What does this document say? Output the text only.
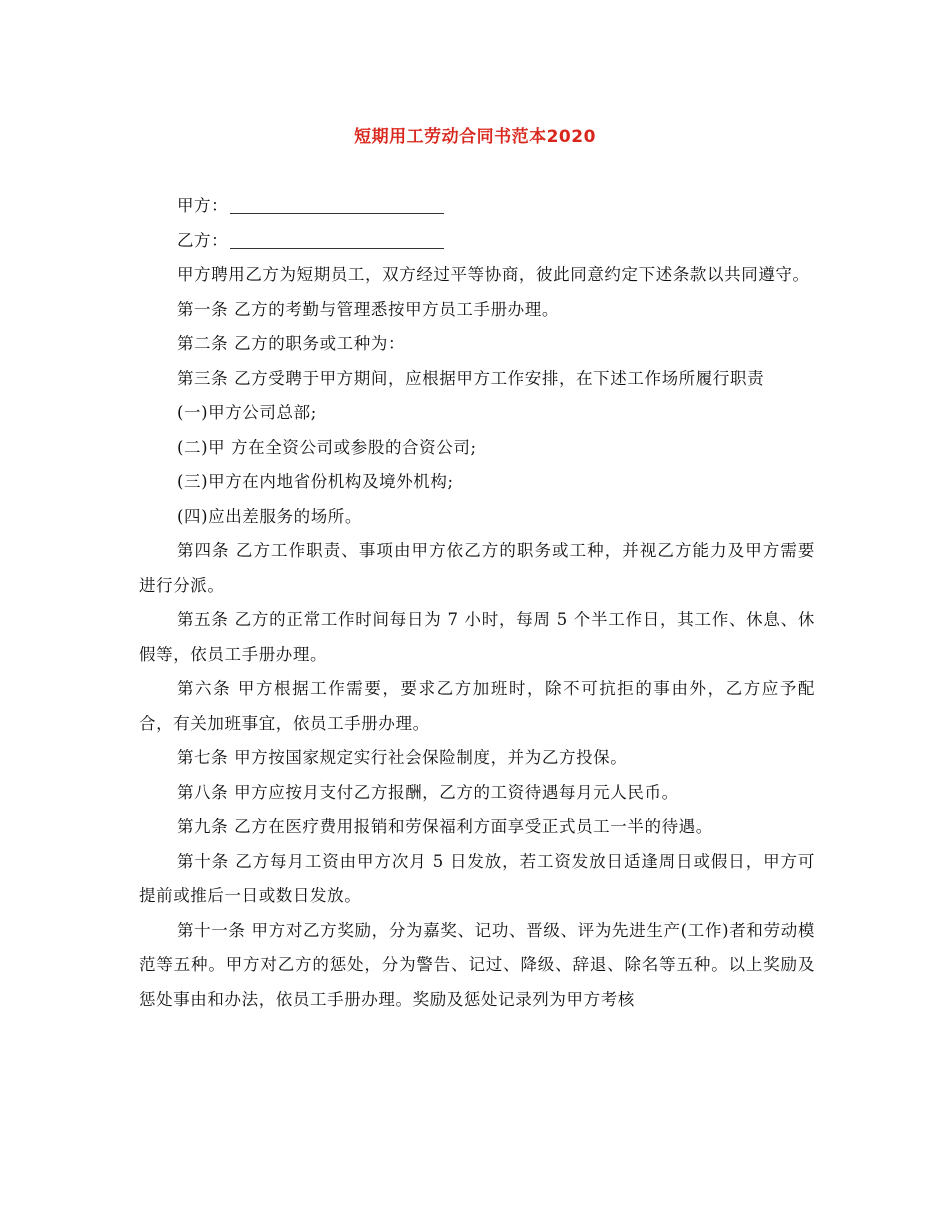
短期用工劳动合同书范本2020

甲方：

乙方：

甲方聘用乙方为短期员工，双方经过平等协商，彼此同意约定下述条款以共同遵守。

第一条 乙方的考勤与管理悉按甲方员工手册办理。

第二条 乙方的职务或工种为：

第三条 乙方受聘于甲方期间，应根据甲方工作安排，在下述工作场所履行职责

(一)甲方公司总部;

(二)甲 方在全资公司或参股的合资公司;

(三)甲方在内地省份机构及境外机构;

(四)应出差服务的场所。

第四条 乙方工作职责、事项由甲方依乙方的职务或工种，并视乙方能力及甲方需要进行分派。

第五条 乙方的正常工作时间每日为 7 小时，每周 5 个半工作日，其工作、休息、休假等，依员工手册办理。

第六条 甲方根据工作需要，要求乙方加班时，除不可抗拒的事由外，乙方应予配合，有关加班事宜，依员工手册办理。

第七条 甲方按国家规定实行社会保险制度，并为乙方投保。

第八条 甲方应按月支付乙方报酬，乙方的工资待遇每月元人民币。

第九条 乙方在医疗费用报销和劳保福利方面享受正式员工一半的待遇。

第十条 乙方每月工资由甲方次月 5 日发放，若工资发放日适逢周日或假日，甲方可提前或推后一日或数日发放。

第十一条 甲方对乙方奖励，分为嘉奖、记功、晋级、评为先进生产(工作)者和劳动模范等五种。甲方对乙方的惩处，分为警告、记过、降级、辞退、除名等五种。以上奖励及惩处事由和办法，依员工手册办理。奖励及惩处记录列为甲方考核
